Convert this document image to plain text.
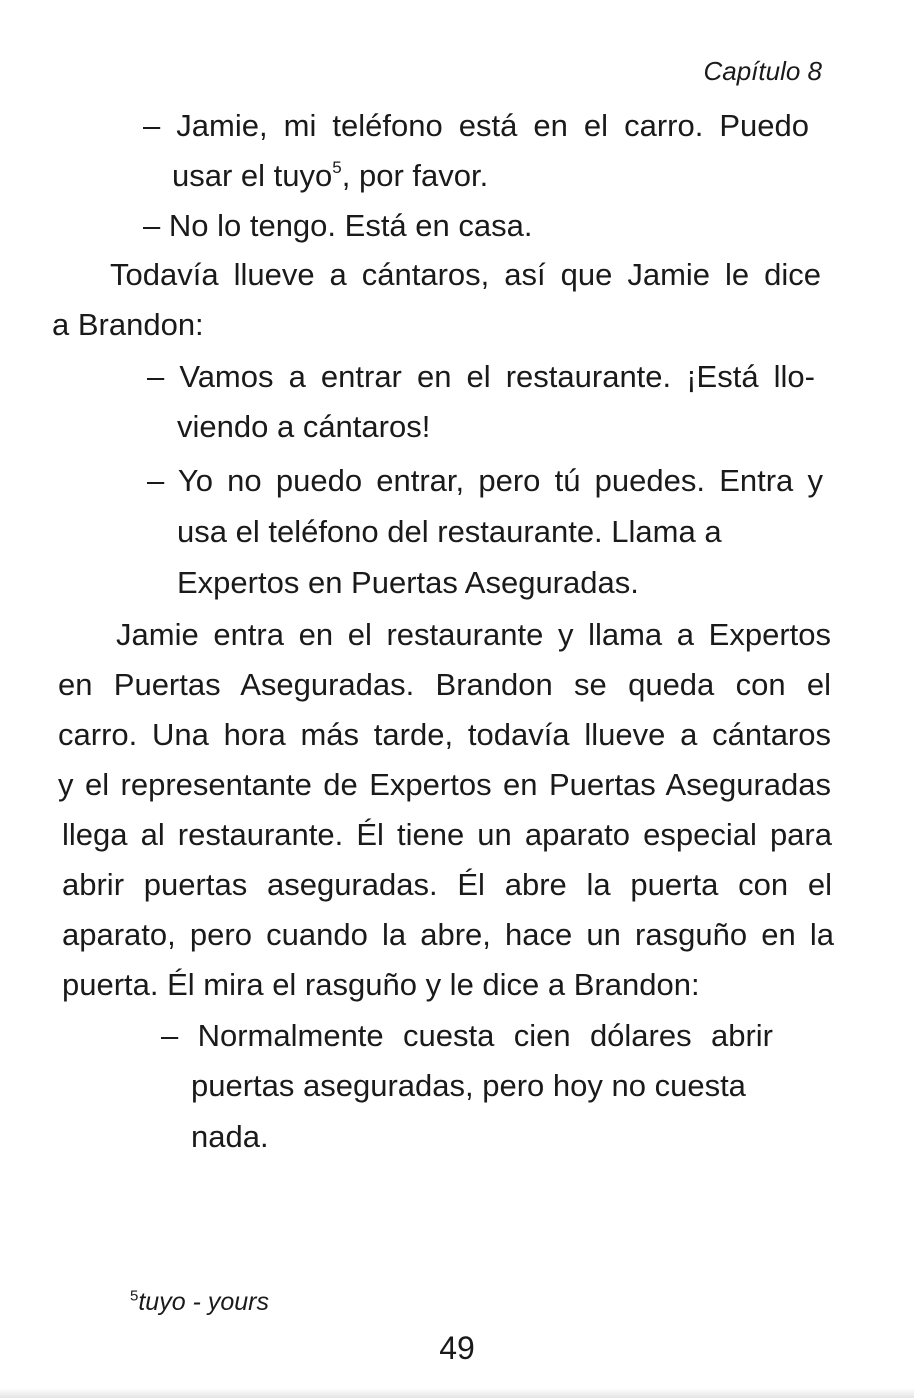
Capítulo 8
– Jamie, mi teléfono está en el carro. Puedo
usar el tuyo$^5$, por favor.
– No lo tengo. Está en casa.
Todavía llueve a cántaros, así que Jamie le dice
a Brandon:
– Vamos a entrar en el restaurante. ¡Está llo-
viendo a cántaros!
– Yo no puedo entrar, pero tú puedes. Entra y
usa el teléfono del restaurante. Llama a
Expertos en Puertas Aseguradas.
Jamie entra en el restaurante y llama a Expertos
en Puertas Aseguradas. Brandon se queda con el
carro. Una hora más tarde, todavía llueve a cántaros
y el representante de Expertos en Puertas Aseguradas
llega al restaurante. Él tiene un aparato especial para
abrir puertas aseguradas. Él abre la puerta con el
aparato, pero cuando la abre, hace un rasguño en la
puerta. Él mira el rasguño y le dice a Brandon:
– Normalmente cuesta cien dólares abrir
puertas aseguradas, pero hoy no cuesta
nada.
$^5$tuyo - yours
49
